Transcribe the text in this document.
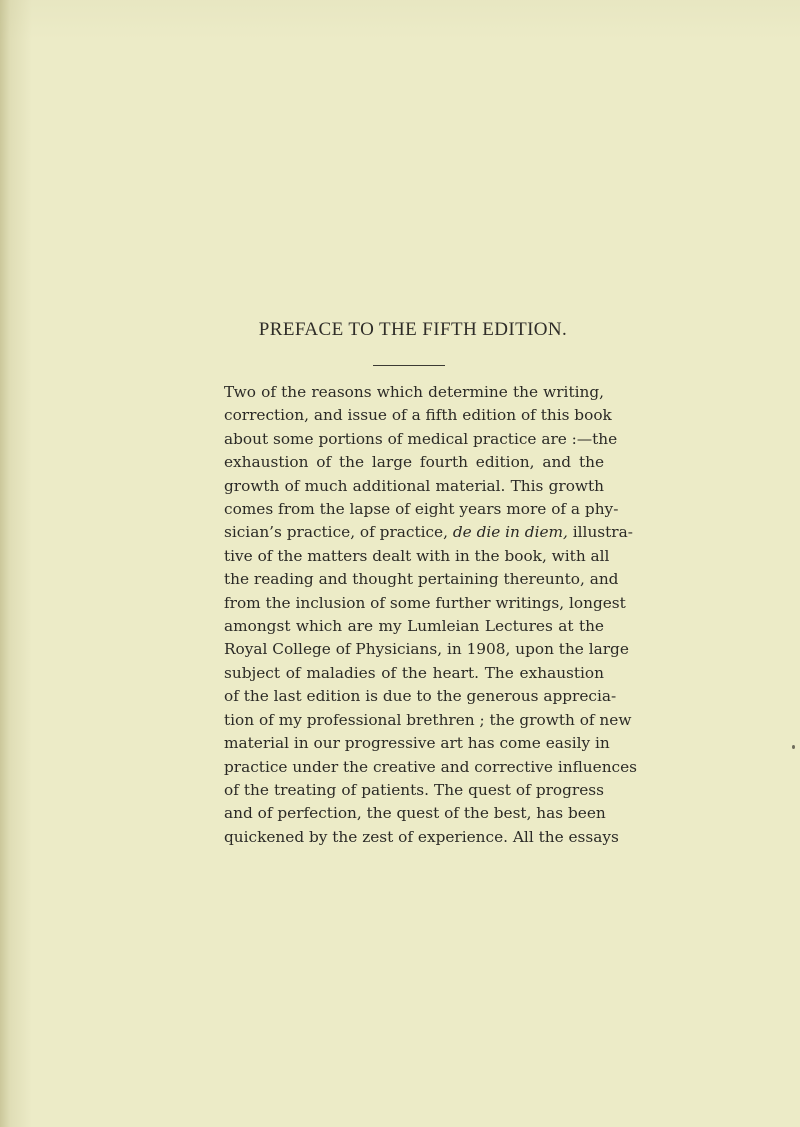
PREFACE TO THE FIFTH EDITION.
Two of the reasons which determine the writing,
correction, and issue of a fifth edition of this book
about some portions of medical practice are :—the
exhaustion of the large fourth edition, and the
growth of much additional material. This growth
comes from the lapse of eight years more of a phy-
sician’s practice, of practice, de die in diem, illustra-
tive of the matters dealt with in the book, with all
the reading and thought pertaining thereunto, and
from the inclusion of some further writings, longest
amongst which are my Lumleian Lectures at the
Royal College of Physicians, in 1908, upon the large
subject of maladies of the heart. The exhaustion
of the last edition is due to the generous apprecia-
tion of my professional brethren ; the growth of new
material in our progressive art has come easily in
practice under the creative and corrective influences
of the treating of patients. The quest of progress
and of perfection, the quest of the best, has been
quickened by the zest of experience. All the essays
